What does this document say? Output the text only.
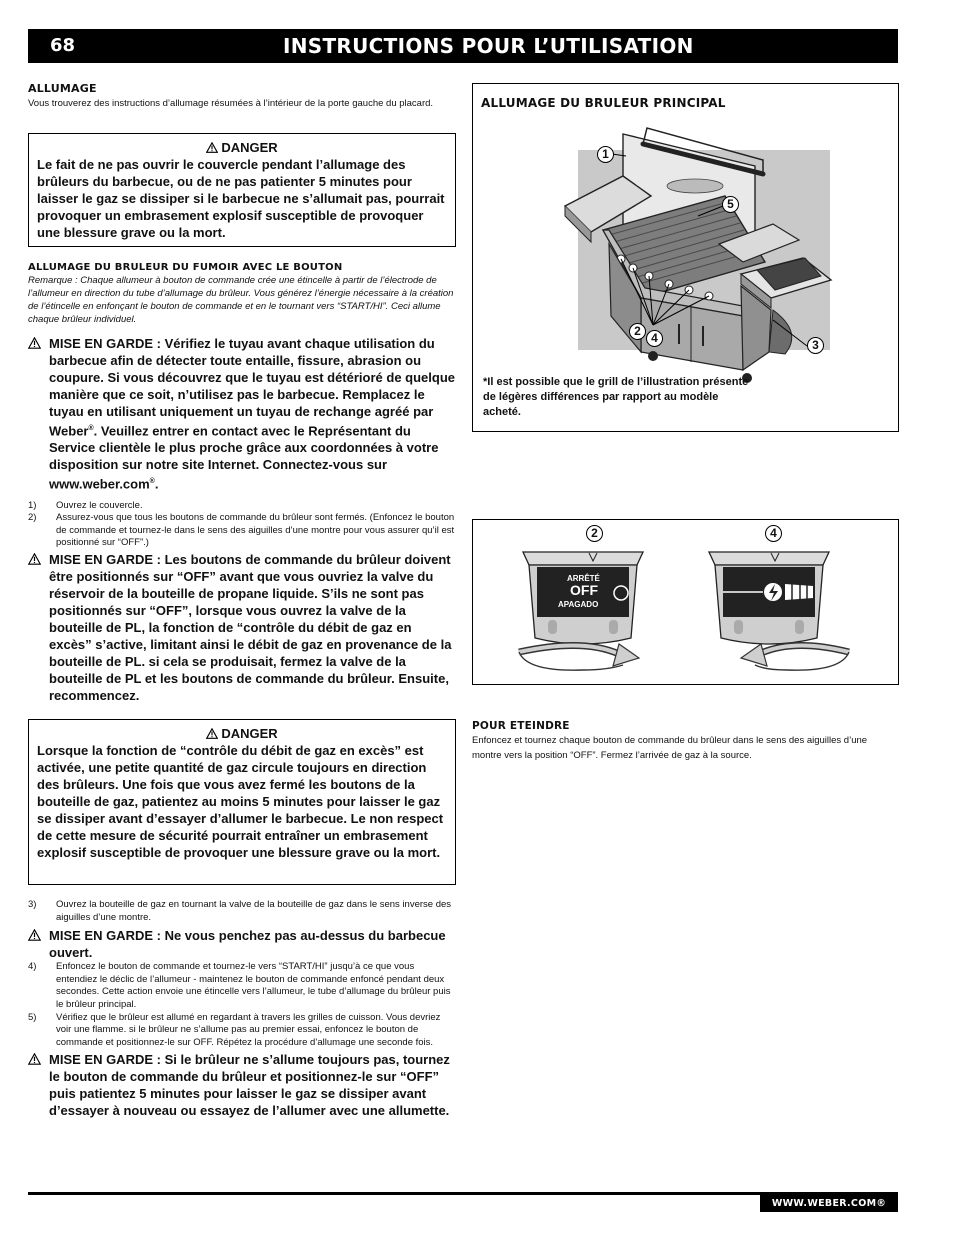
68	INSTRUCTIONS POUR L’UTILISATION
ALLUMAGE
Vous trouverez des instructions d’allumage résumées à l’intérieur de la porte gauche du placard.
DANGER
Le fait de ne pas ouvrir le couvercle pendant l’allumage des brûleurs du barbecue, ou de ne pas patienter 5 minutes pour laisser le gaz se dissiper si le barbecue ne s’allumait pas, pourrait provoquer un embrasement explosif susceptible de provoquer une blessure grave ou la mort.
ALLUMAGE DU BRULEUR DU FUMOIR AVEC LE BOUTON
Remarque : Chaque allumeur à bouton de commande crée une étincelle à partir de l’électrode de l’allumeur en direction du tube d’allumage du brûleur. Vous générez l’énergie nécessaire à la création de l’étincelle en enfonçant le bouton de commande et en le tournant vers “START/HI”. Ceci allume chaque brûleur individuel.
MISE EN GARDE : Vérifiez le tuyau avant chaque utilisation du barbecue afin de détecter toute entaille, fissure, abrasion ou coupure. Si vous découvrez que le tuyau est détérioré de quelque manière que ce soit, n’utilisez pas le barbecue. Remplacez le tuyau en utilisant uniquement un tuyau de rechange agréé par Weber®. Veuillez entrer en contact avec le Représentant du Service clientèle le plus proche grâce aux coordonnées à votre disposition sur notre site Internet. Connectez-vous sur www.weber.com®.
1) Ouvrez le couvercle.
2) Assurez-vous que tous les boutons de commande du brûleur sont fermés. (Enfoncez le bouton de commande et tournez-le dans le sens des aiguilles d’une montre pour vous assurer qu’il est positionné sur “OFF”.)
MISE EN GARDE : Les boutons de commande du brûleur doivent être positionnés sur “OFF” avant que vous ouvriez la valve du réservoir de la bouteille de propane liquide. S’ils ne sont pas positionnés sur “OFF”, lorsque vous ouvrez la valve de la bouteille de PL, la fonction de “contrôle du débit de gaz en excès” s’active, limitant ainsi le débit de gaz en provenance de la bouteille de PL. si cela se produisait, fermez la valve de la bouteille de PL et les boutons de commande du brûleur. Ensuite, recommencez.
DANGER
Lorsque la fonction de “contrôle du débit de gaz en excès” est activée, une petite quantité de gaz circule toujours en direction des brûleurs. Une fois que vous avez fermé les boutons de la bouteille de gaz, patientez au moins 5 minutes pour laisser le gaz se dissiper avant d’essayer d’allumer le barbecue. Le non respect de cette mesure de sécurité pourrait entraîner un embrasement explosif susceptible de provoquer une blessure grave ou la mort.
3) Ouvrez la bouteille de gaz en tournant la valve de la bouteille de gaz dans le sens inverse des aiguilles d’une montre.
MISE EN GARDE : Ne vous penchez pas au-dessus du barbecue ouvert.
4) Enfoncez le bouton de commande et tournez-le vers “START/HI” jusqu’à ce que vous entendiez le déclic de l’allumeur - maintenez le bouton de commande enfoncé pendant deux secondes. Cette action envoie une étincelle vers l’allumeur, le tube d’allumage du brûleur puis le brûleur principal.
5) Vérifiez que le brûleur est allumé en regardant à travers les grilles de cuisson. Vous devriez voir une flamme. si le brûleur ne s’allume pas au premier essai, enfoncez le bouton de commande et positionnez-le sur OFF. Répétez la procédure d’allumage une seconde fois.
MISE EN GARDE : Si le brûleur ne s’allume toujours pas, tournez le bouton de commande du brûleur et positionnez-le sur “OFF” puis patientez 5 minutes pour laisser le gaz se dissiper avant d’essayer à nouveau ou essayez de l’allumer avec une allumette.
ALLUMAGE DU BRULEUR PRINCIPAL
1
5
2 4	3
*Il est possible que le grill de l’illustration présente de légères différences par rapport au modèle acheté.
2	4
ARRÊTÉ
OFF
APAGADO
POUR ETEINDRE
Enfoncez et tournez chaque bouton de commande du brûleur dans le sens des aiguilles d’une montre vers la position “OFF”. Fermez l’arrivée de gaz à la source.
WWW.WEBER.COM®
